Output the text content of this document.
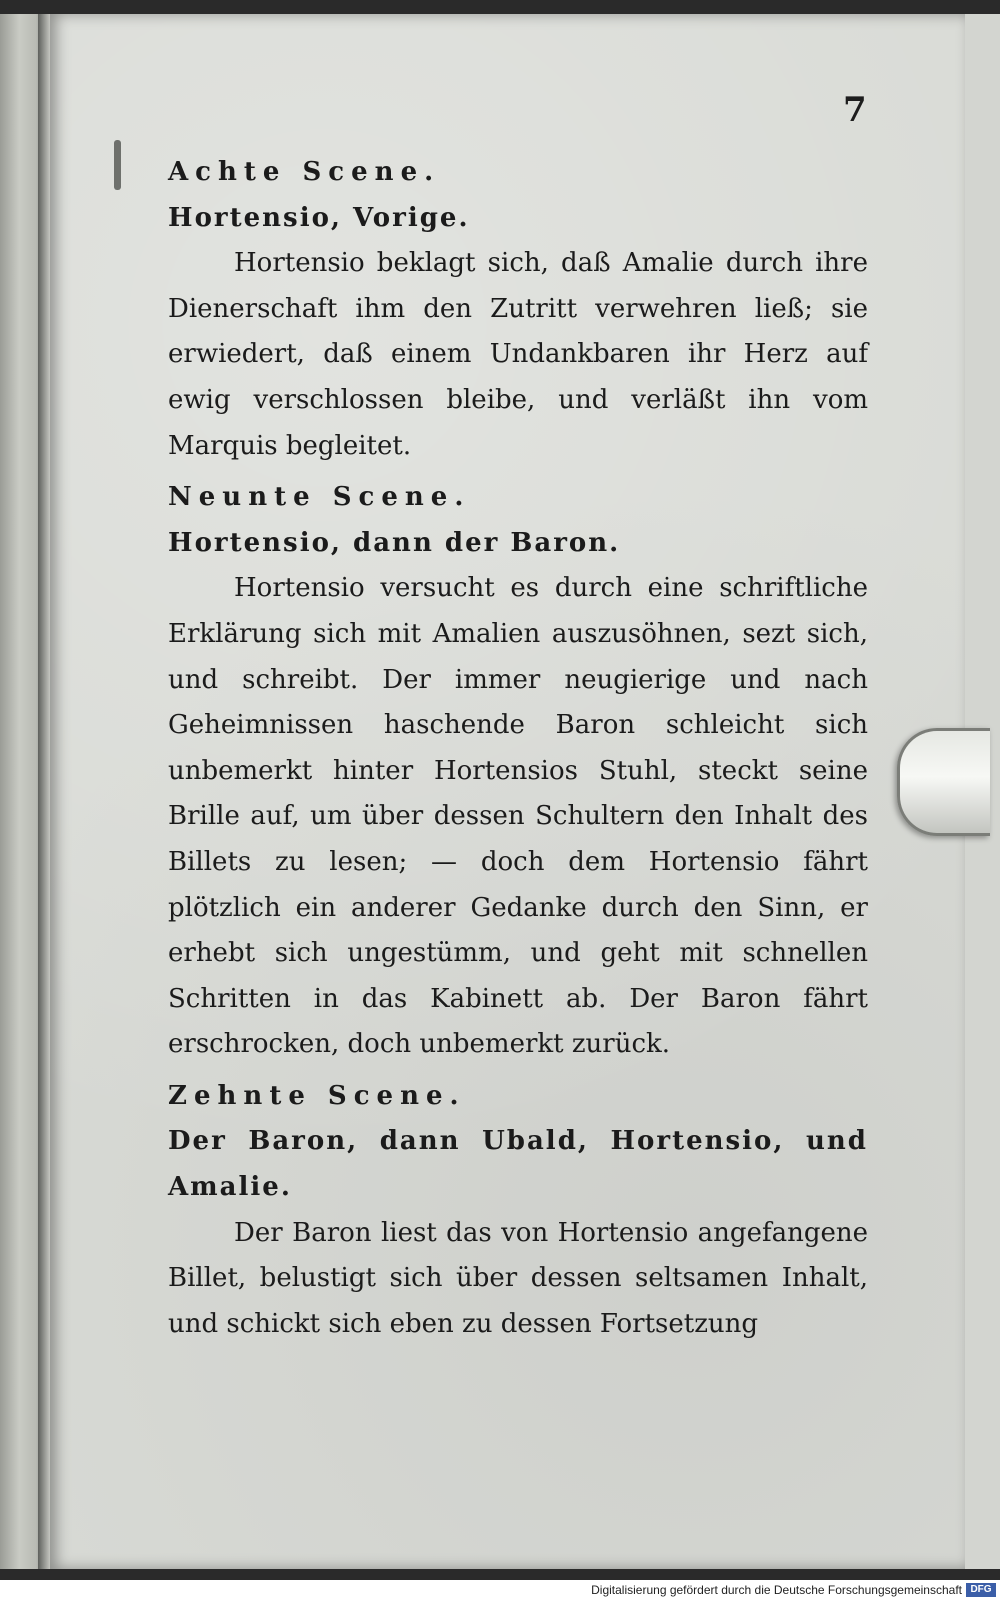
7

Achte Scene.

Hortensio, Vorige.

Hortensio beklagt sich, daß Amalie durch ihre Dienerschaft ihm den Zutritt verwehren ließ; sie erwiedert, daß einem Undankbaren ihr Herz auf ewig verschlossen bleibe, und verläßt ihn vom Marquis begleitet.

Neunte Scene.

Hortensio, dann der Baron.

Hortensio versucht es durch eine schriftliche Erklärung sich mit Amalien auszusöhnen, sezt sich, und schreibt. Der immer neugierige und nach Geheimnissen haschende Baron schleicht sich unbemerkt hinter Hortensios Stuhl, steckt seine Brille auf, um über dessen Schultern den Inhalt des Billets zu lesen; — doch dem Hortensio fährt plötzlich ein anderer Gedanke durch den Sinn, er erhebt sich ungestümm, und geht mit schnellen Schritten in das Kabinett ab. Der Baron fährt erschrocken, doch unbemerkt zurück.

Zehnte Scene.

Der Baron, dann Ubald, Hortensio, und Amalie.

Der Baron liest das von Hortensio angefangene Billet, belustigt sich über dessen seltsamen Inhalt, und schickt sich eben zu dessen Fortsetzung

Digitalisierung gefördert durch die Deutsche Forschungsgemeinschaft DFG
